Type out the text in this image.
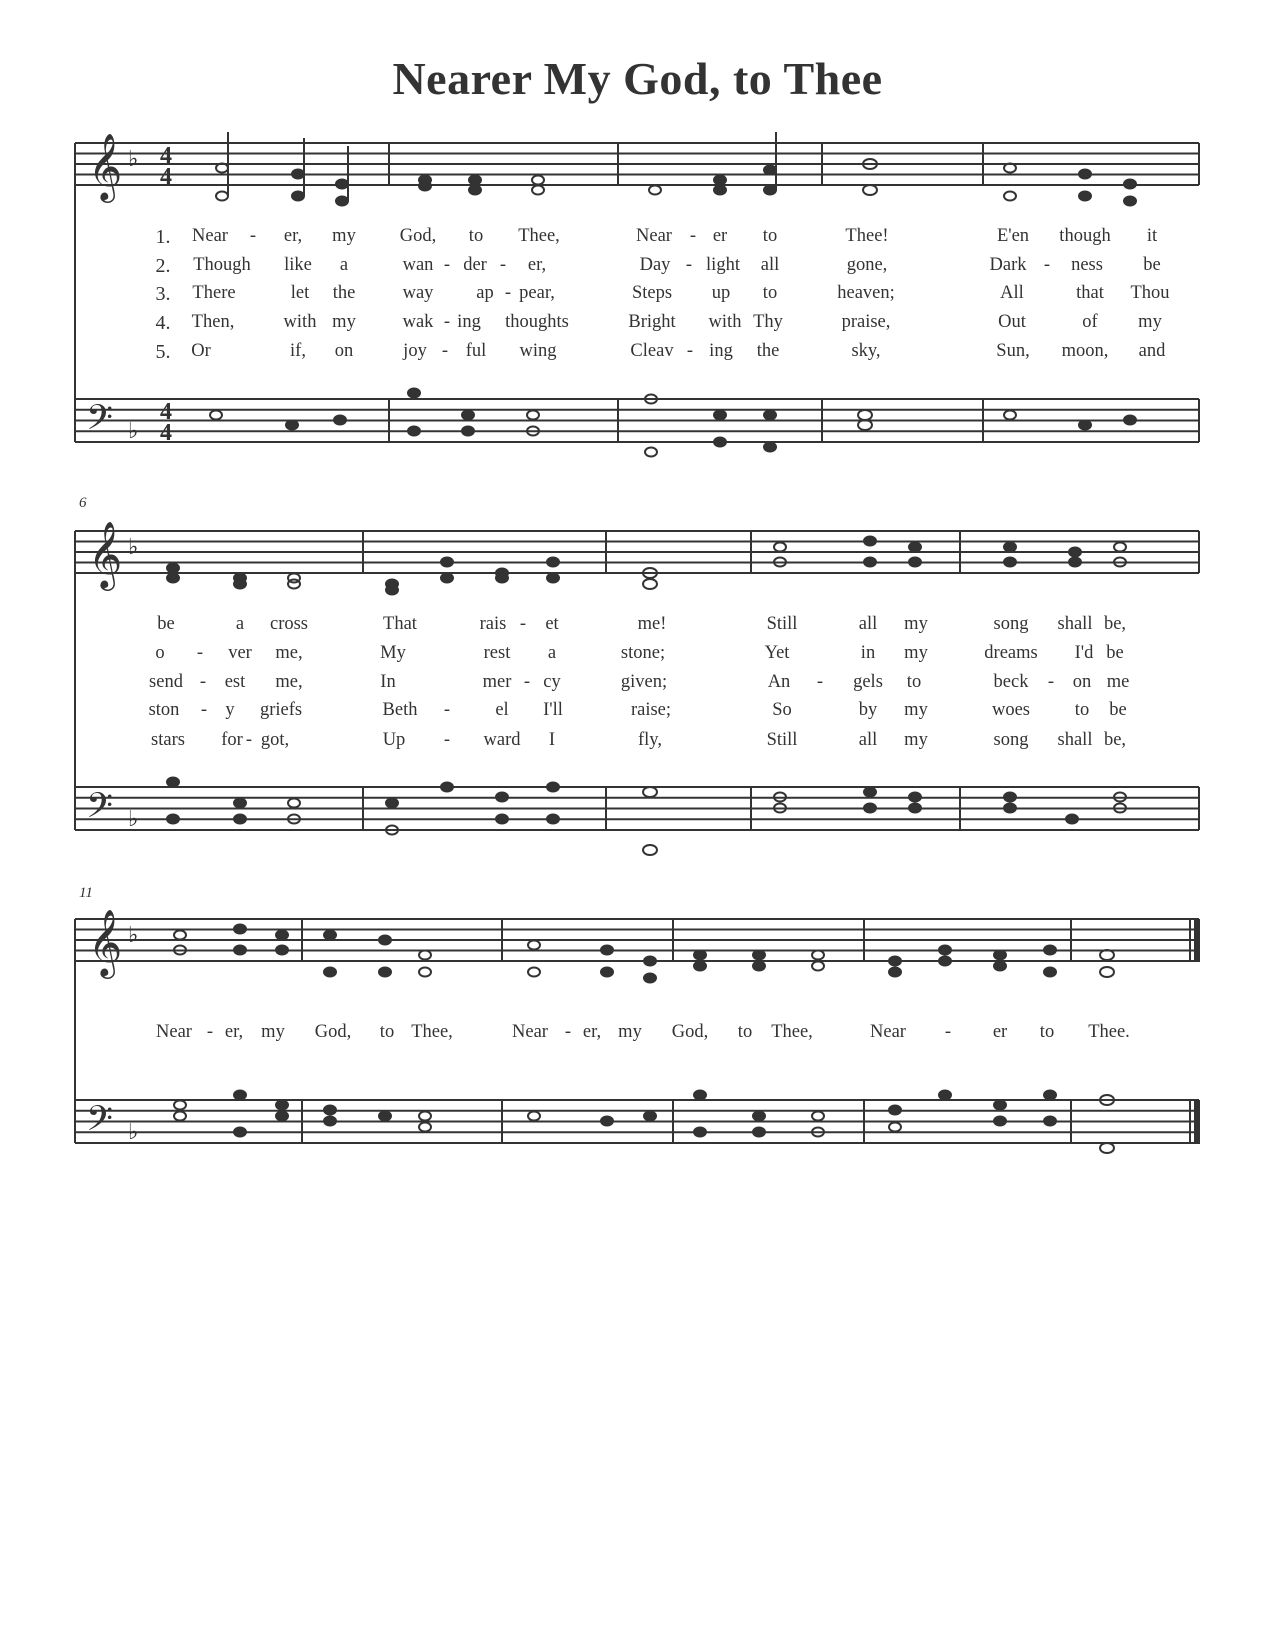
Nearer My God, to Thee
𝄞 ♭ 4
4
𝄢 ♭
4
4
1. Near - er, my God, to Thee,	Near - er to	Thee!	E'en though it
2. Though like a	wan - der - er,	Day - light all	gone,	Dark - ness be
3. There	let the	way ap - pear,	Steps up to	heaven;	All	that Thou
4. Then,	with my	wak - ing thoughts	Bright with Thy	praise,	Out	of my
5. Or	if, on	joy - ful wing	Cleav - ing the	sky,	Sun, moon, and
𝄞 ♭
𝄢 ♭
6
be	a cross	That	rais - et	me!	Still	all my	song shall be,
o - ver me,	My	rest a	stone;	Yet	in my	dreams I'd be
send - est me,	In	mer - cy	given;	An - gels to	beck - on me
ston - y griefs	Beth - el I'll	raise;	So	by my	woes to be
stars for - got,	Up - ward I	fly,	Still	all my	song shall be,
𝄞 ♭
𝄢 ♭
11
Near - er, my God, to Thee,	Near - er, my God, to Thee,	Near - er to Thee.
